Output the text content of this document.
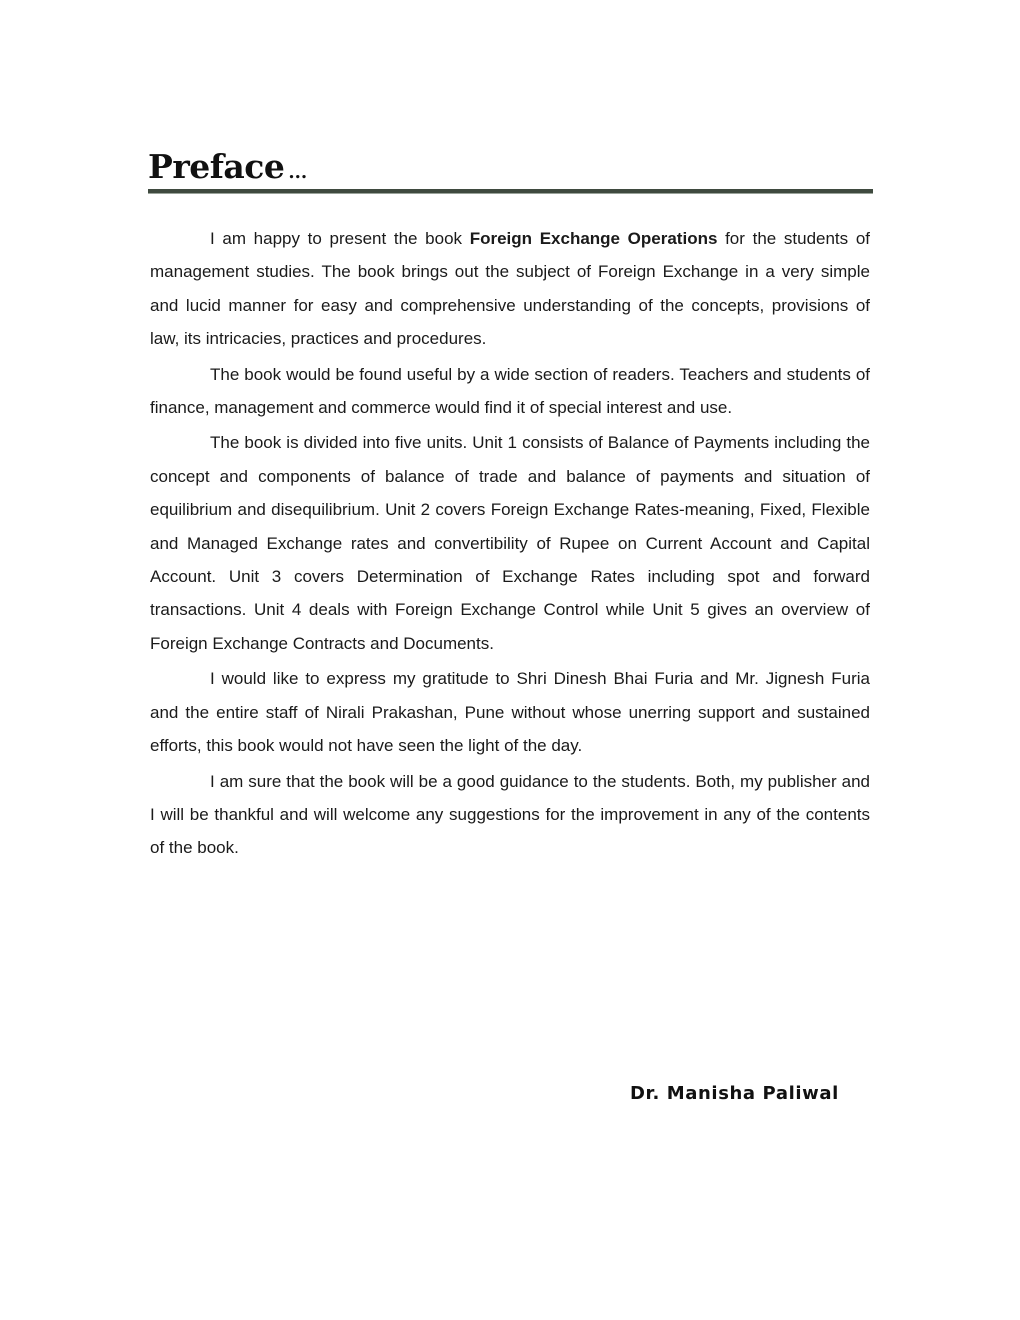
Preface ...

I am happy to present the book Foreign Exchange Operations for the students of management studies. The book brings out the subject of Foreign Exchange in a very simple and lucid manner for easy and comprehensive understanding of the concepts, provisions of law, its intricacies, practices and procedures.

The book would be found useful by a wide section of readers. Teachers and students of finance, management and commerce would find it of special interest and use.

The book is divided into five units. Unit 1 consists of Balance of Payments including the concept and components of balance of trade and balance of payments and situation of equilibrium and disequilibrium. Unit 2 covers Foreign Exchange Rates-meaning, Fixed, Flexible and Managed Exchange rates and convertibility of Rupee on Current Account and Capital Account. Unit 3 covers Determination of Exchange Rates including spot and forward transactions. Unit 4 deals with Foreign Exchange Control while Unit 5 gives an overview of Foreign Exchange Contracts and Documents.

I would like to express my gratitude to Shri Dinesh Bhai Furia and Mr. Jignesh Furia and the entire staff of Nirali Prakashan, Pune without whose unerring support and sustained efforts, this book would not have seen the light of the day.

I am sure that the book will be a good guidance to the students. Both, my publisher and I will be thankful and will welcome any suggestions for the improvement in any of the contents of the book.

Dr. Manisha Paliwal
